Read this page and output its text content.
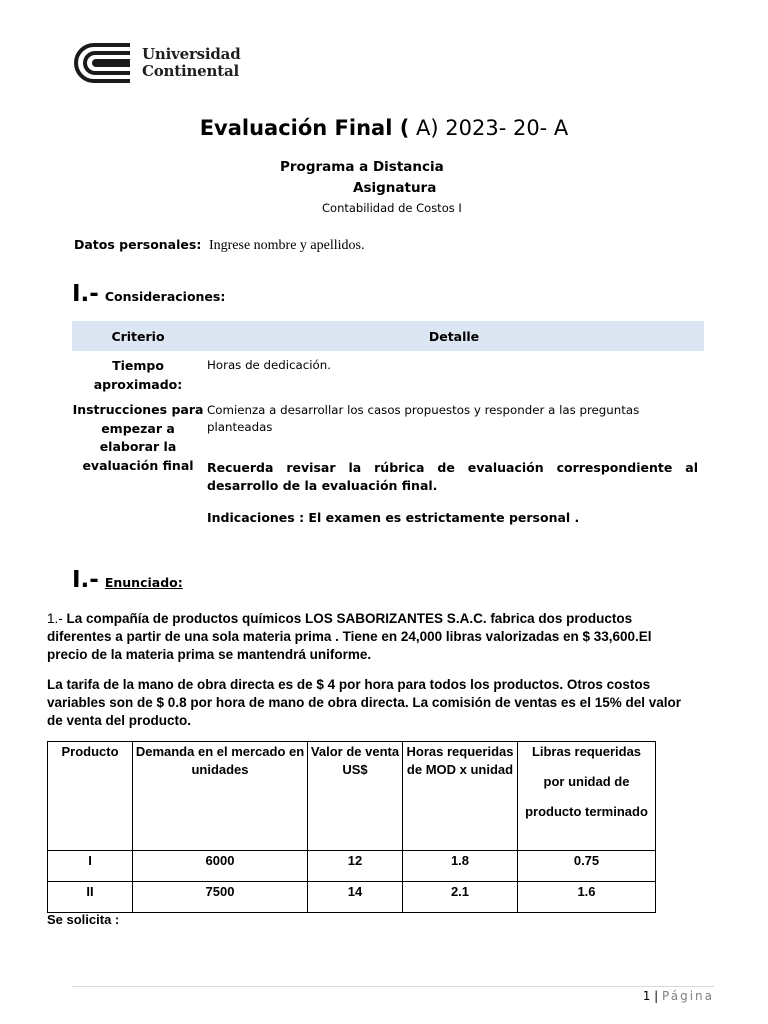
Universidad
Continental
Evaluación Final ( A) 2023- 20- A
Programa a Distancia
Asignatura
Contabilidad de Costos I
Datos personales: Ingrese nombre y apellidos.
I.- Consideraciones:
Criterio	Detalle
Tiempo aproximado:	Horas de dedicación.
Instrucciones para empezar a elaborar la evaluación final	Comienza a desarrollar los casos propuestos y responder a las preguntas planteadas
Recuerda revisar la rúbrica de evaluación correspondiente al desarrollo de la evaluación final.
Indicaciones : El examen es estrictamente personal .
I.- Enunciado:
1.- La compañía de productos químicos LOS SABORIZANTES S.A.C. fabrica dos productos diferentes a partir de una sola materia prima . Tiene en 24,000 libras valorizadas en $ 33,600.El precio de la materia prima se mantendrá uniforme.
La tarifa de la mano de obra directa es de $ 4 por hora para todos los productos. Otros costos variables son de $ 0.8 por hora de mano de obra directa. La comisión de ventas es el 15% del valor de venta del producto.
Producto	Demanda en el mercado en unidades	Valor de venta US$	Horas requeridas de MOD x unidad	Libras requeridas
por unidad de
producto terminado

I	6000	12	1.8	0.75
II	7500	14	2.1	1.6
Se solicita :
1 | Página
